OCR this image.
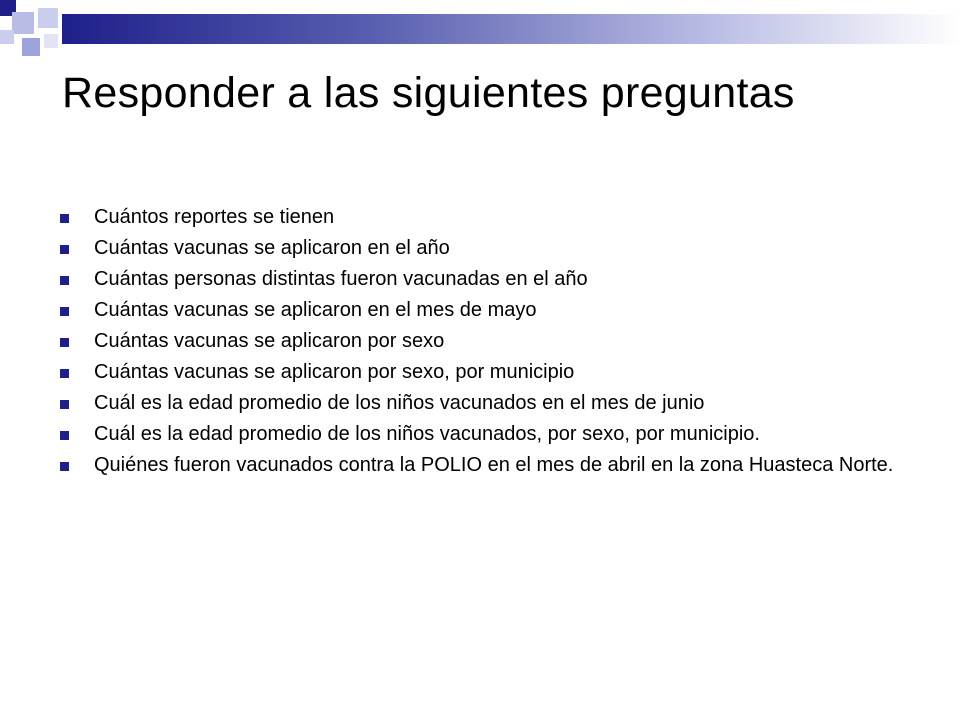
Responder a las siguientes preguntas
Cuántos reportes se tienen
Cuántas vacunas se aplicaron en el año
Cuántas personas distintas fueron vacunadas en el año
Cuántas vacunas se aplicaron en el mes de mayo
Cuántas vacunas se aplicaron por sexo
Cuántas vacunas se aplicaron por sexo, por municipio
Cuál es la edad promedio de los niños vacunados en el mes de junio
Cuál es la edad promedio de los niños vacunados, por sexo, por municipio.
Quiénes fueron vacunados contra la POLIO en el mes de abril en la zona Huasteca Norte.
